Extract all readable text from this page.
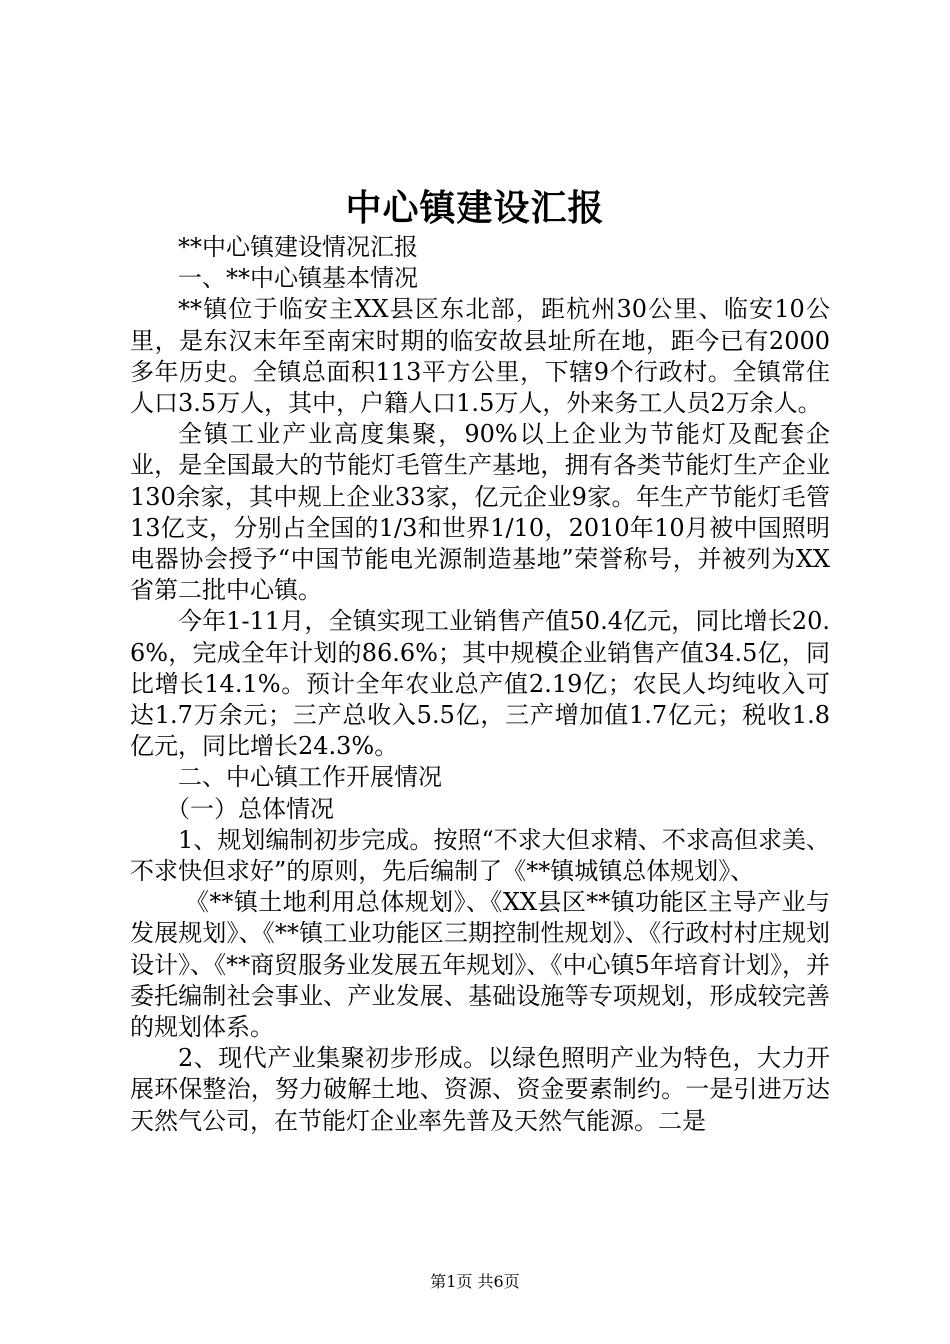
中心镇建设汇报

**中心镇建设情况汇报

一、**中心镇基本情况

**镇位于临安主XX县区东北部，距杭州30公里、临安10公里，是东汉末年至南宋时期的临安故县址所在地，距今已有2000多年历史。全镇总面积113平方公里，下辖9个行政村。全镇常住人口3.5万人，其中，户籍人口1.5万人，外来务工人员2万余人。

全镇工业产业高度集聚，90%以上企业为节能灯及配套企业，是全国最大的节能灯毛管生产基地，拥有各类节能灯生产企业130余家，其中规上企业33家，亿元企业9家。年生产节能灯毛管13亿支，分别占全国的1/3和世界1/10，2010年10月被中国照明电器协会授予“中国节能电光源制造基地”荣誉称号，并被列为XX省第二批中心镇。

今年1-11月，全镇实现工业销售产值50.4亿元，同比增长20.6%，完成全年计划的86.6%；其中规模企业销售产值34.5亿，同比增长14.1%。预计全年农业总产值2.19亿；农民人均纯收入可达1.7万余元；三产总收入5.5亿，三产增加值1.7亿元；税收1.8亿元，同比增长24.3%。

二、中心镇工作开展情况

（一）总体情况

1、规划编制初步完成。按照“不求大但求精、不求高但求美、不求快但求好”的原则，先后编制了《**镇城镇总体规划》、

《**镇土地利用总体规划》、《XX县区**镇功能区主导产业与发展规划》、《**镇工业功能区三期控制性规划》、《行政村村庄规划设计》、《**商贸服务业发展五年规划》、《中心镇5年培育计划》，并委托编制社会事业、产业发展、基础设施等专项规划，形成较完善的规划体系。

2、现代产业集聚初步形成。以绿色照明产业为特色，大力开展环保整治，努力破解土地、资源、资金要素制约。一是引进万达天然气公司，在节能灯企业率先普及天然气能源。二是

第1页 共6页
